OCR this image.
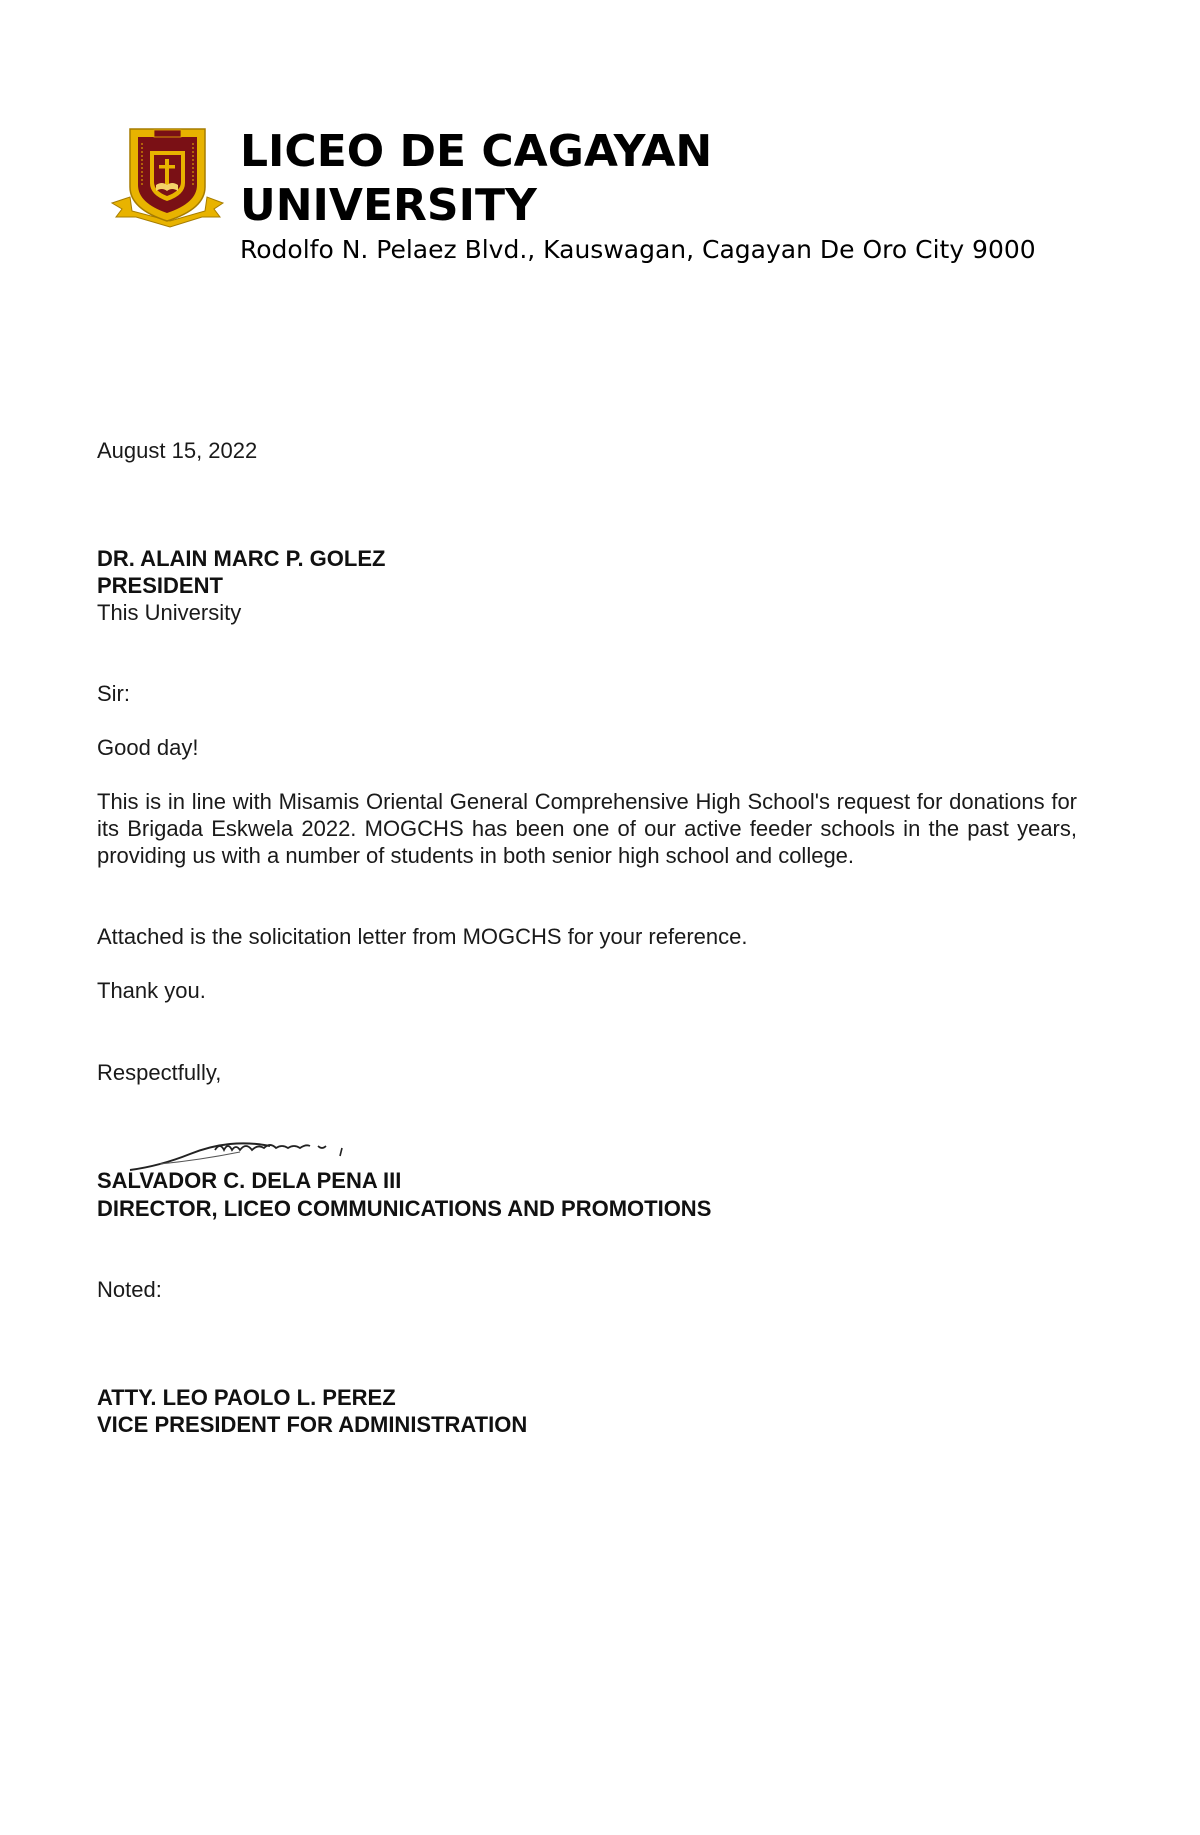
LICEO DE CAGAYAN UNIVERSITY
Rodolfo N. Pelaez Blvd., Kauswagan, Cagayan De Oro City 9000
August 15, 2022
DR. ALAIN MARC P. GOLEZ
PRESIDENT
This University
Sir:
Good day!
This is in line with Misamis Oriental General Comprehensive High School's request for donations for its Brigada Eskwela 2022. MOGCHS has been one of our active feeder schools in the past years, providing us with a number of students in both senior high school and college.
Attached is the solicitation letter from MOGCHS for your reference.
Thank you.
Respectfully,
SALVADOR C. DELA PENA III
DIRECTOR, LICEO COMMUNICATIONS AND PROMOTIONS
Noted:
ATTY. LEO PAOLO L. PEREZ
VICE PRESIDENT FOR ADMINISTRATION
